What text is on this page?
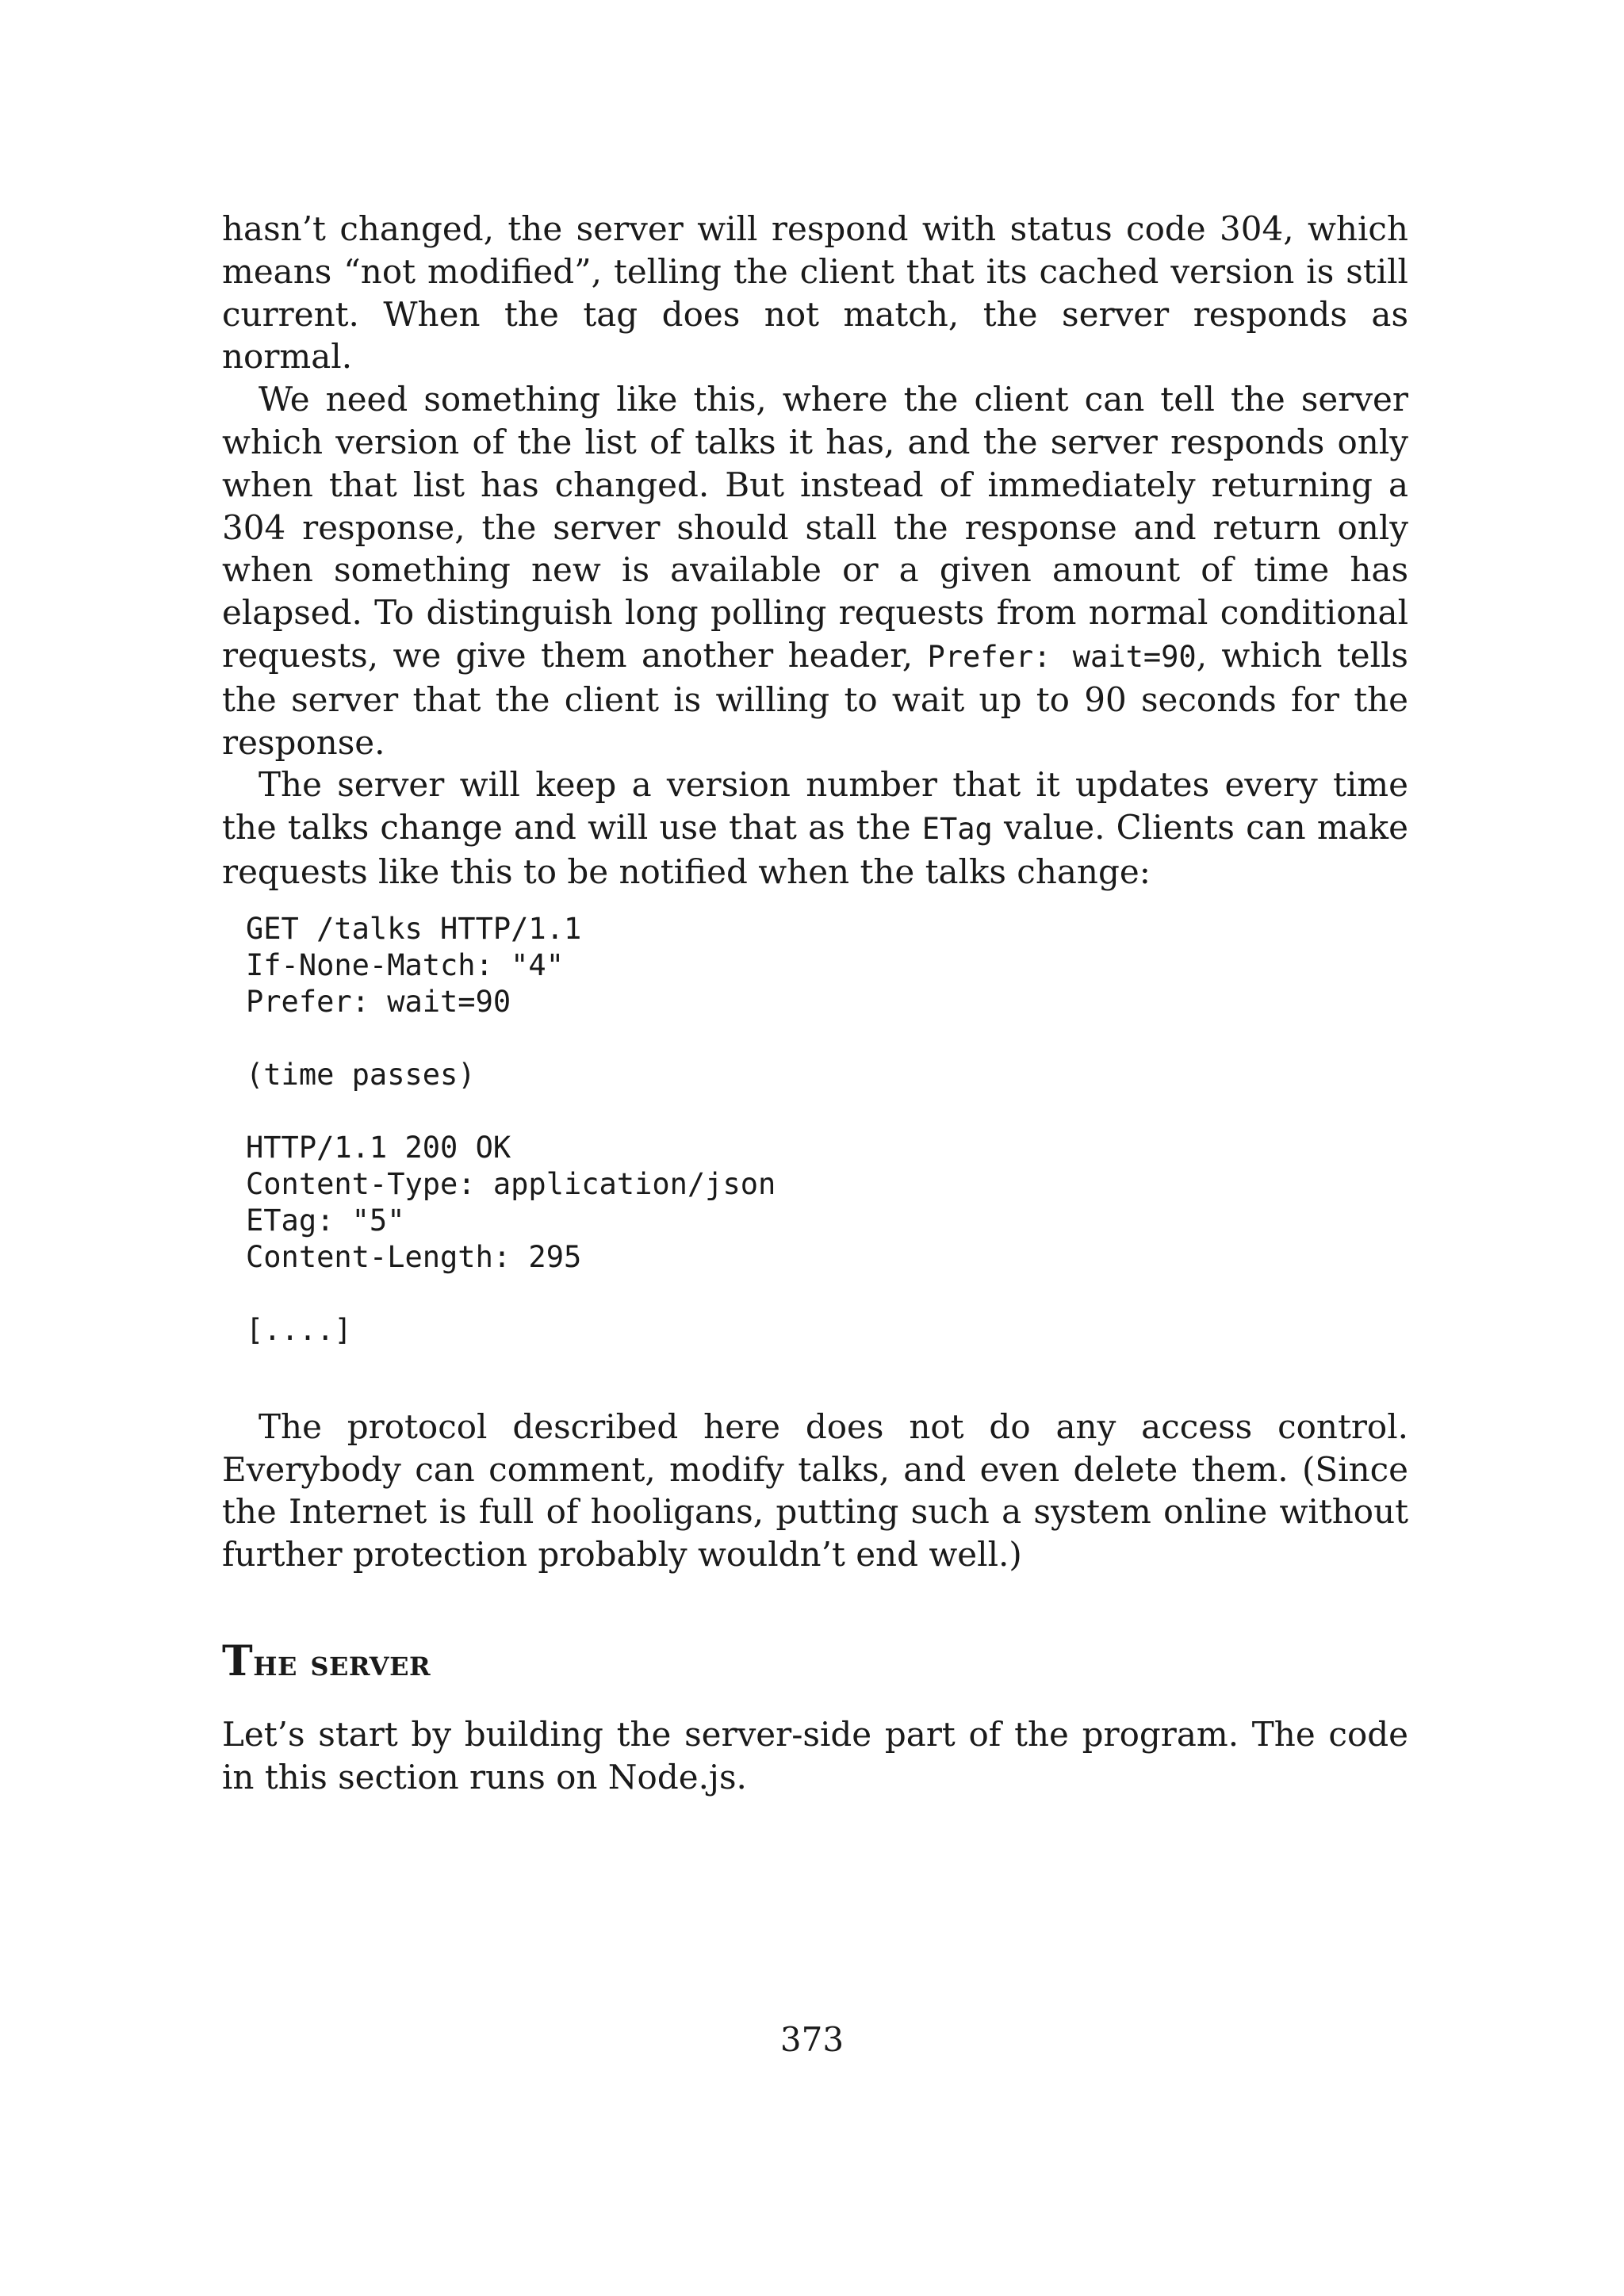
hasn’t changed, the server will respond with status code 304, which means “not modified”, telling the client that its cached version is still current. When the tag does not match, the server responds as normal.

We need something like this, where the client can tell the server which version of the list of talks it has, and the server responds only when that list has changed. But instead of immediately returning a 304 response, the server should stall the response and return only when something new is available or a given amount of time has elapsed. To distinguish long polling requests from normal conditional requests, we give them another header, Prefer: wait=90, which tells the server that the client is willing to wait up to 90 seconds for the response.

The server will keep a version number that it updates every time the talks change and will use that as the ETag value. Clients can make requests like this to be notified when the talks change:

GET /talks HTTP/1.1
If-None-Match: "4"
Prefer: wait=90
(time passes)
HTTP/1.1 200 OK
Content-Type: application/json
ETag: "5"
Content-Length: 295
[....]

The protocol described here does not do any access control. Everybody can comment, modify talks, and even delete them. (Since the Internet is full of hooligans, putting such a system online without further protection probably wouldn’t end well.)

The server

Let’s start by building the server-side part of the program. The code in this section runs on Node.js.

373
